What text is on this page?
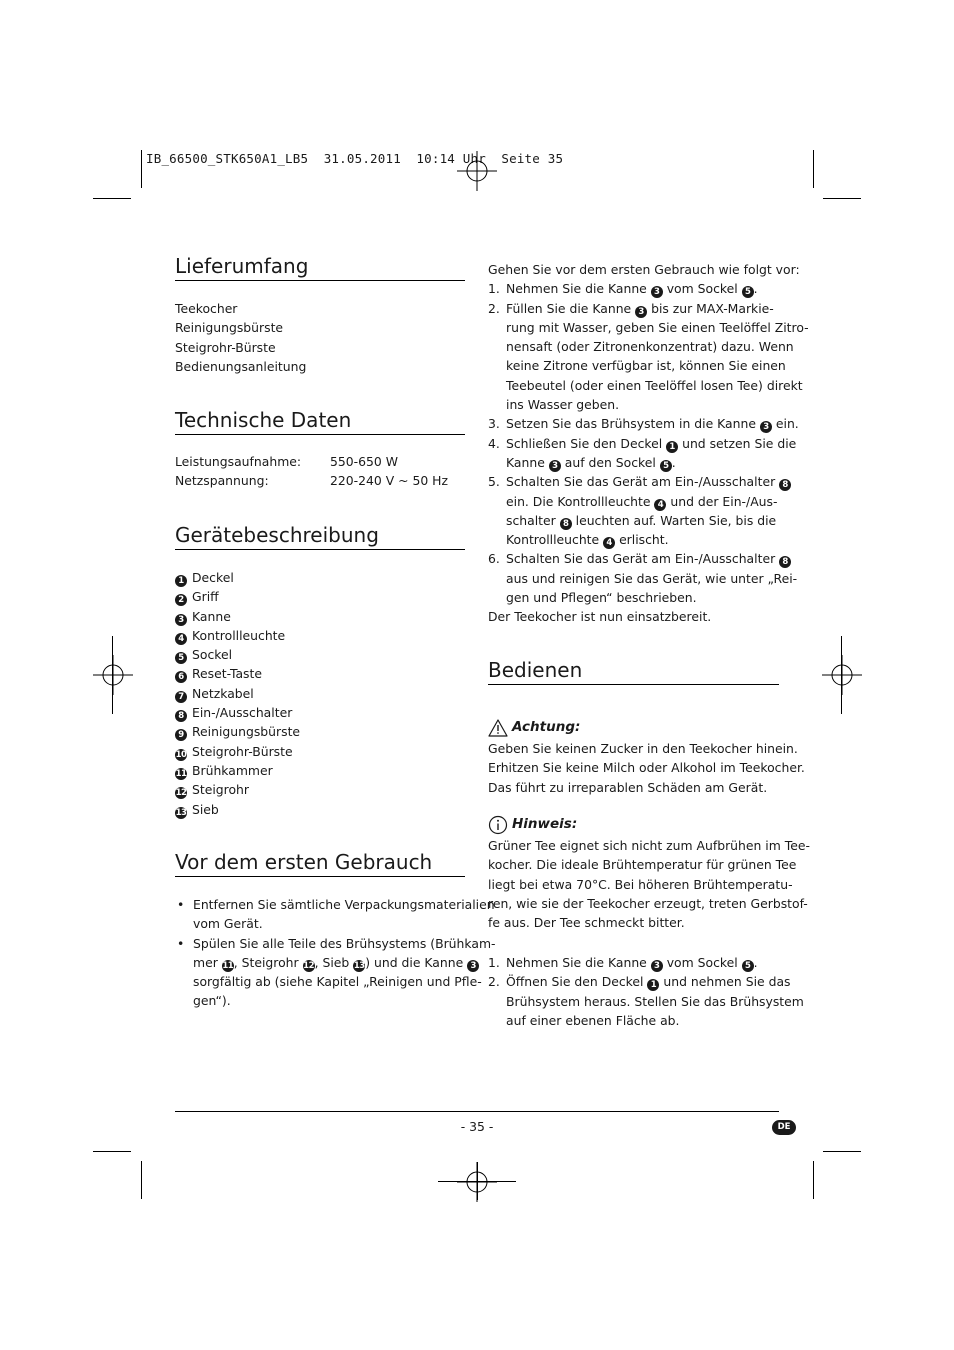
IB_66500_STK650A1_LB5  31.05.2011  10:14 Uhr  Seite 35
Lieferumfang
Teekocher
Reinigungsbürste
Steigrohr-Bürste
Bedienungsanleitung
Technische Daten
Leistungsaufnahme:	550-650 W
Netzspannung:	220-240 V ~ 50 Hz
Gerätebeschreibung
1 Deckel
2 Griff
3 Kanne
4 Kontrollleuchte
5 Sockel
6 Reset-Taste
7 Netzkabel
8 Ein-/Ausschalter
9 Reinigungsbürste
10 Steigrohr-Bürste
11 Brühkammer
12 Steigrohr
13 Sieb
Vor dem ersten Gebrauch
• Entfernen Sie sämtliche Verpackungsmaterialien
vom Gerät.
• Spülen Sie alle Teile des Brühsystems (Brühkam-
mer 11, Steigrohr 12, Sieb 13) und die Kanne 3
sorgfältig ab (siehe Kapitel „Reinigen und Pfle-
gen“).
Gehen Sie vor dem ersten Gebrauch wie folgt vor:
1. Nehmen Sie die Kanne 3 vom Sockel 5 .
2. Füllen Sie die Kanne 3 bis zur MAX-Markie-
rung mit Wasser, geben Sie einen Teelöffel Zitro-
nensaft (oder Zitronenkonzentrat) dazu. Wenn
keine Zitrone verfügbar ist, können Sie einen
Teebeutel (oder einen Teelöffel losen Tee) direkt
ins Wasser geben.
3. Setzen Sie das Brühsystem in die Kanne 3 ein.
4. Schließen Sie den Deckel 1 und setzen Sie die
Kanne 3 auf den Sockel 5 .
5. Schalten Sie das Gerät am Ein-/Ausschalter 8
ein. Die Kontrollleuchte 4 und der Ein-/Aus-
schalter 8 leuchten auf. Warten Sie, bis die
Kontrollleuchte 4 erlischt.
6. Schalten Sie das Gerät am Ein-/Ausschalter 8
aus und reinigen Sie das Gerät, wie unter „Rei-
gen und Pflegen“ beschrieben.
Der Teekocher ist nun einsatzbereit.
Bedienen
Achtung:
Geben Sie keinen Zucker in den Teekocher hinein.
Erhitzen Sie keine Milch oder Alkohol im Teekocher.
Das führt zu irreparablen Schäden am Gerät.
Hinweis:
Grüner Tee eignet sich nicht zum Aufbrühen im Tee-
kocher. Die ideale Brühtemperatur für grünen Tee
liegt bei etwa 70°C. Bei höheren Brühtemperatu-
ren, wie sie der Teekocher erzeugt, treten Gerbstof-
fe aus. Der Tee schmeckt bitter.
1. Nehmen Sie die Kanne 3 vom Sockel 5 .
2. Öffnen Sie den Deckel 1 und nehmen Sie das
Brühsystem heraus. Stellen Sie das Brühsystem
auf einer ebenen Fläche ab.
- 35 -	DE
